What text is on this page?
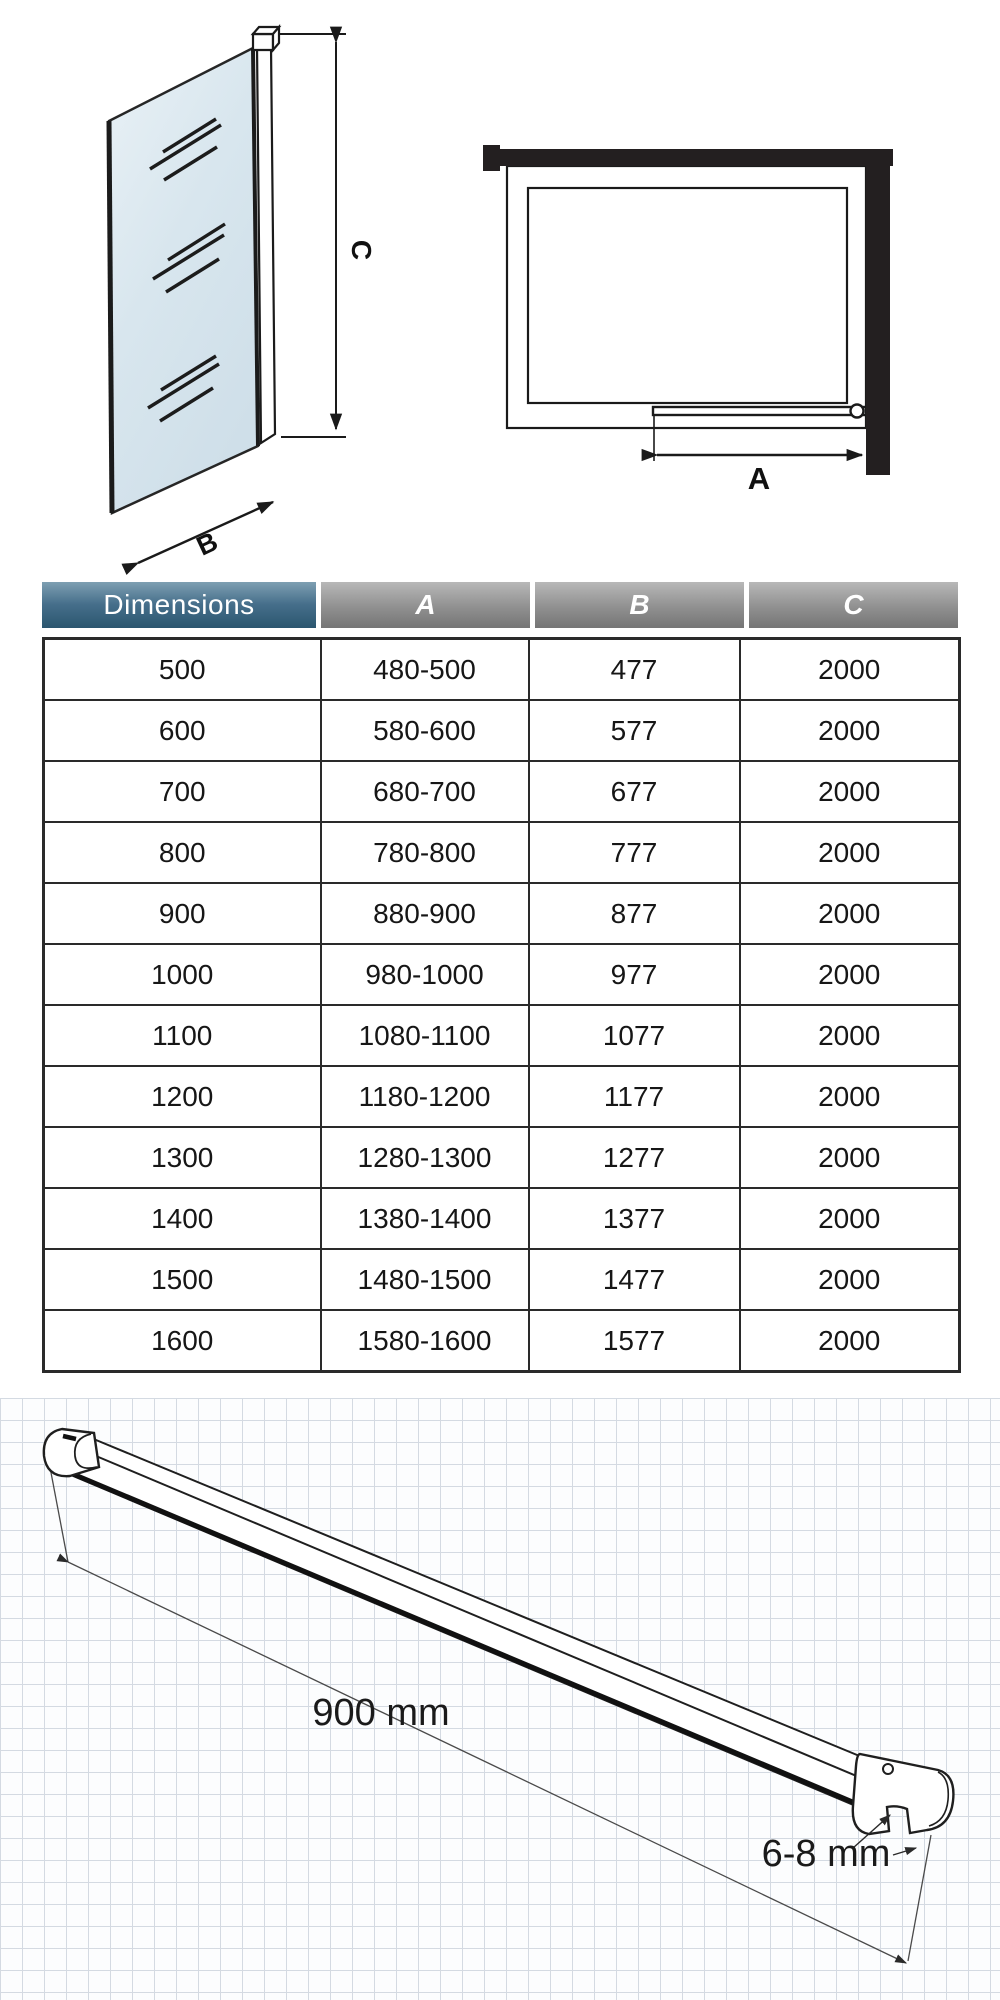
C
B
A
Dimensions	A	B	C
500	480-500	477	2000
600	580-600	577	2000
700	680-700	677	2000
800	780-800	777	2000
900	880-900	877	2000
1000	980-1000	977	2000
1100	1080-1100	1077	2000
1200	1180-1200	1177	2000
1300	1280-1300	1277	2000
1400	1380-1400	1377	2000
1500	1480-1500	1477	2000
1600	1580-1600	1577	2000
900 mm
6-8 mm
